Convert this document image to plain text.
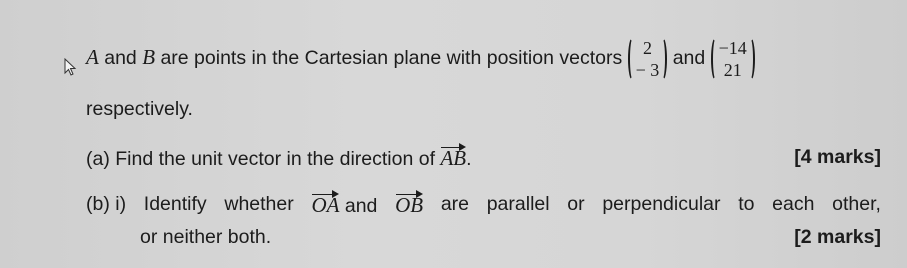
A and B are points in the Cartesian plane with position vectors 2
− 3
and −14
21
respectively.
(a) Find the unit vector in the direction of AB.	[4 marks]
(b) i) Identify whether OA and OB are parallel or perpendicular to each other,
or neither both.	[2 marks]
